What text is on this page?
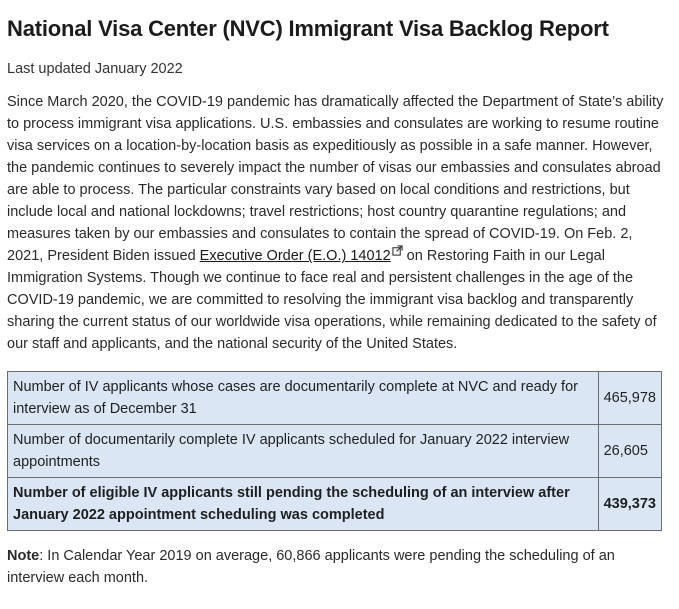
National Visa Center (NVC) Immigrant Visa Backlog Report

Last updated January 2022

Since March 2020, the COVID-19 pandemic has dramatically affected the Department of State’s ability to process immigrant visa applications. U.S. embassies and consulates are working to resume routine visa services on a location-by-location basis as expeditiously as possible in a safe manner. However, the pandemic continues to severely impact the number of visas our embassies and consulates abroad are able to process. The particular constraints vary based on local conditions and restrictions, but include local and national lockdowns; travel restrictions; host country quarantine regulations; and measures taken by our embassies and consulates to contain the spread of COVID-19. On Feb. 2, 2021, President Biden issued Executive Order (E.O.) 14012 on Restoring Faith in our Legal Immigration Systems. Though we continue to face real and persistent challenges in the age of the COVID-19 pandemic, we are committed to resolving the immigrant visa backlog and transparently sharing the current status of our worldwide visa operations, while remaining dedicated to the safety of our staff and applicants, and the national security of the United States.

Number of IV applicants whose cases are documentarily complete at NVC and ready for interview as of December 31	465,978
Number of documentarily complete IV applicants scheduled for January 2022 interview appointments	26,605
Number of eligible IV applicants still pending the scheduling of an interview after January 2022 appointment scheduling was completed	439,373

Note: In Calendar Year 2019 on average, 60,866 applicants were pending the scheduling of an interview each month.
